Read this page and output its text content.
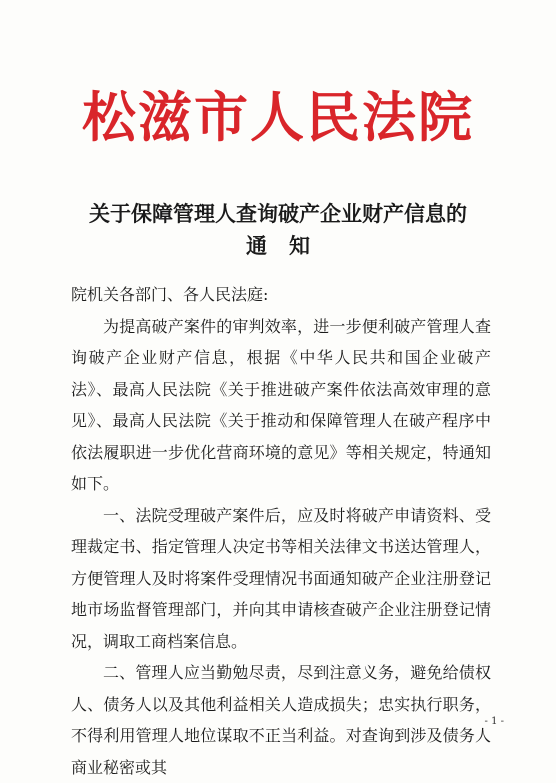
松滋市人民法院
关于保障管理人查询破产企业财产信息的
通知

院机关各部门、各人民法庭:

为提高破产案件的审判效率，进一步便利破产管理人查询破产企业财产信息，根据《中华人民共和国企业破产法》、最高人民法院《关于推进破产案件依法高效审理的意见》、最高人民法院《关于推动和保障管理人在破产程序中依法履职进一步优化营商环境的意见》等相关规定，特通知如下。

一、法院受理破产案件后，应及时将破产申请资料、受理裁定书、指定管理人决定书等相关法律文书送达管理人，方便管理人及时将案件受理情况书面通知破产企业注册登记地市场监督管理部门，并向其申请核查破产企业注册登记情况，调取工商档案信息。

二、管理人应当勤勉尽责，尽到注意义务，避免给债权人、债务人以及其他利益相关人造成损失；忠实执行职务，不得利用管理人地位谋取不正当利益。对查询到涉及债务人商业秘密或其

- 1 -
